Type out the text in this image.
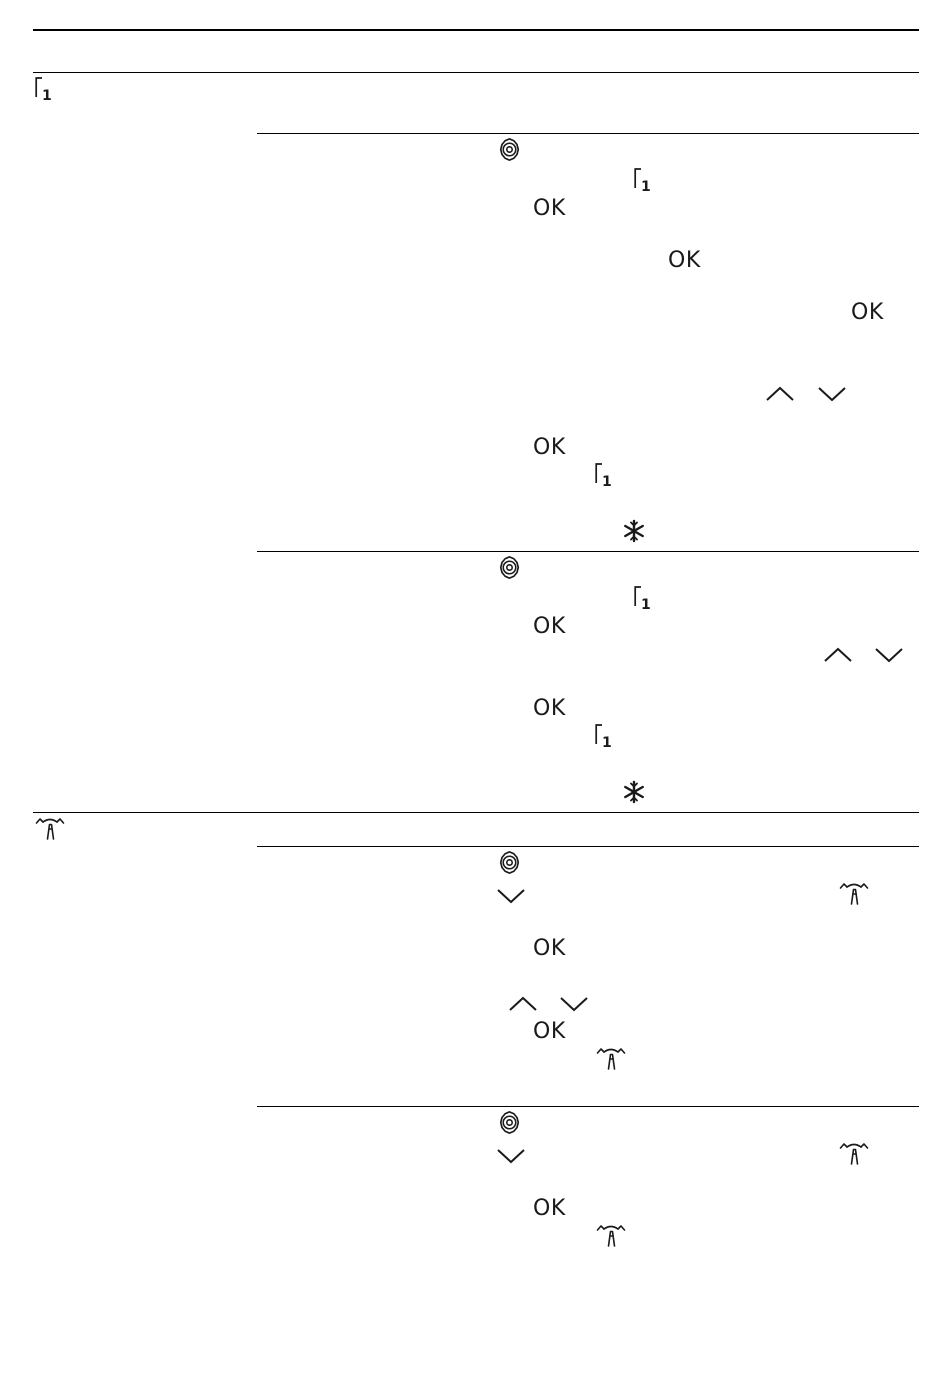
1
1
OK
OK
OK
OK
1
1
OK
OK
1
OK
OK
OK
